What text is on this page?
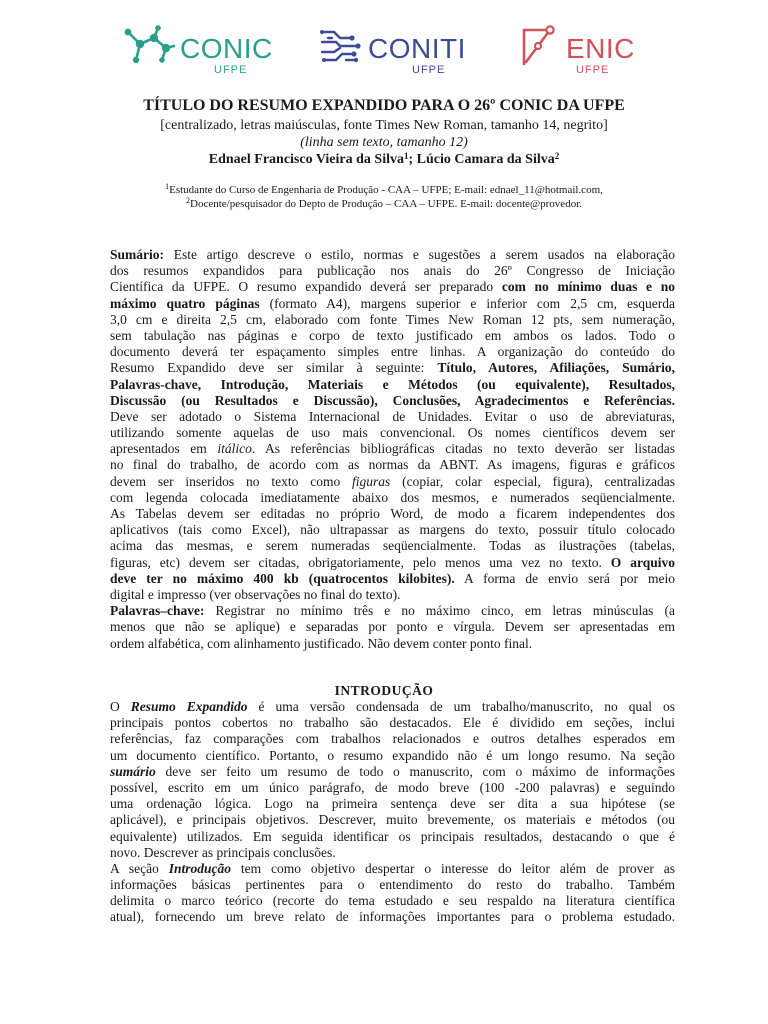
CONIC
UFPE
CONITI
UFPE
ENIC
UFPE
TÍTULO DO RESUMO EXPANDIDO PARA O 26º CONIC DA UFPE
[centralizado, letras maiúsculas, fonte Times New Roman, tamanho 14, negrito]
(linha sem texto, tamanho 12)
Ednael Francisco Vieira da Silva$^1$; Lúcio Camara da Silva$^2$
$^1$Estudante do Curso de Engenharia de Produção - CAA – UFPE; E-mail: ednael_11@hotmail.com,
$^2$Docente/pesquisador do Depto de Produção – CAA – UFPE. E-mail: docente@provedor.
Sumário: Este artigo descreve o estilo, normas e sugestões a serem usados na elaboração
dos resumos expandidos para publicação nos anais do 26º Congresso de Iniciação
Científica da UFPE. O resumo expandido deverá ser preparado com no mínimo duas e no
máximo quatro páginas (formato A4), margens superior e inferior com 2,5 cm, esquerda
3,0 cm e direita 2,5 cm, elaborado com fonte Times New Roman 12 pts, sem numeração,
sem tabulação nas páginas e corpo de texto justificado em ambos os lados. Todo o
documento deverá ter espaçamento simples entre linhas. A organização do conteúdo do
Resumo Expandido deve ser similar à seguinte: Título, Autores, Afiliações, Sumário,
Palavras-chave, Introdução, Materiais e Métodos (ou equivalente), Resultados,
Discussão (ou Resultados e Discussão), Conclusões, Agradecimentos e Referências.
Deve ser adotado o Sistema Internacional de Unidades. Evitar o uso de abreviaturas,
utilizando somente aquelas de uso mais convencional. Os nomes científicos devem ser
apresentados em itálico. As referências bibliográficas citadas no texto deverão ser listadas
no final do trabalho, de acordo com as normas da ABNT. As imagens, figuras e gráficos
devem ser inseridos no texto como figuras (copiar, colar especial, figura), centralizadas
com legenda colocada imediatamente abaixo dos mesmos, e numerados seqüencialmente.
As Tabelas devem ser editadas no próprio Word, de modo a ficarem independentes dos
aplicativos (tais como Excel), não ultrapassar as margens do texto, possuir título colocado
acima das mesmas, e serem numeradas seqüencialmente. Todas as ilustrações (tabelas,
figuras, etc) devem ser citadas, obrigatoriamente, pelo menos uma vez no texto. O arquivo
deve ter no máximo 400 kb (quatrocentos kilobites). A forma de envio será por meio
digital e impresso (ver observações no final do texto).
Palavras–chave: Registrar no mínimo três e no máximo cinco, em letras minúsculas (a
menos que não se aplique) e separadas por ponto e vírgula. Devem ser apresentadas em
ordem alfabética, com alinhamento justificado. Não devem conter ponto final.
INTRODUÇÃO
O Resumo Expandido é uma versão condensada de um trabalho/manuscrito, no qual os
principais pontos cobertos no trabalho são destacados. Ele é dividido em seções, inclui
referências, faz comparações com trabalhos relacionados e outros detalhes esperados em
um documento científico. Portanto, o resumo expandido não é um longo resumo. Na seção
sumário deve ser feito um resumo de todo o manuscrito, com o máximo de informações
possível, escrito em um único parágrafo, de modo breve (100 -200 palavras) e seguindo
uma ordenação lógica. Logo na primeira sentença deve ser dita a sua hipótese (se
aplicável), e principais objetivos. Descrever, muito brevemente, os materiais e métodos (ou
equivalente) utilizados. Em seguida identificar os principais resultados, destacando o que é
novo. Descrever as principais conclusões.
A seção Introdução tem como objetivo despertar o interesse do leitor além de prover as
informações básicas pertinentes para o entendimento do resto do trabalho. Também
delimita o marco teórico (recorte do tema estudado e seu respaldo na literatura científica
atual), fornecendo um breve relato de informações importantes para o problema estudado.
